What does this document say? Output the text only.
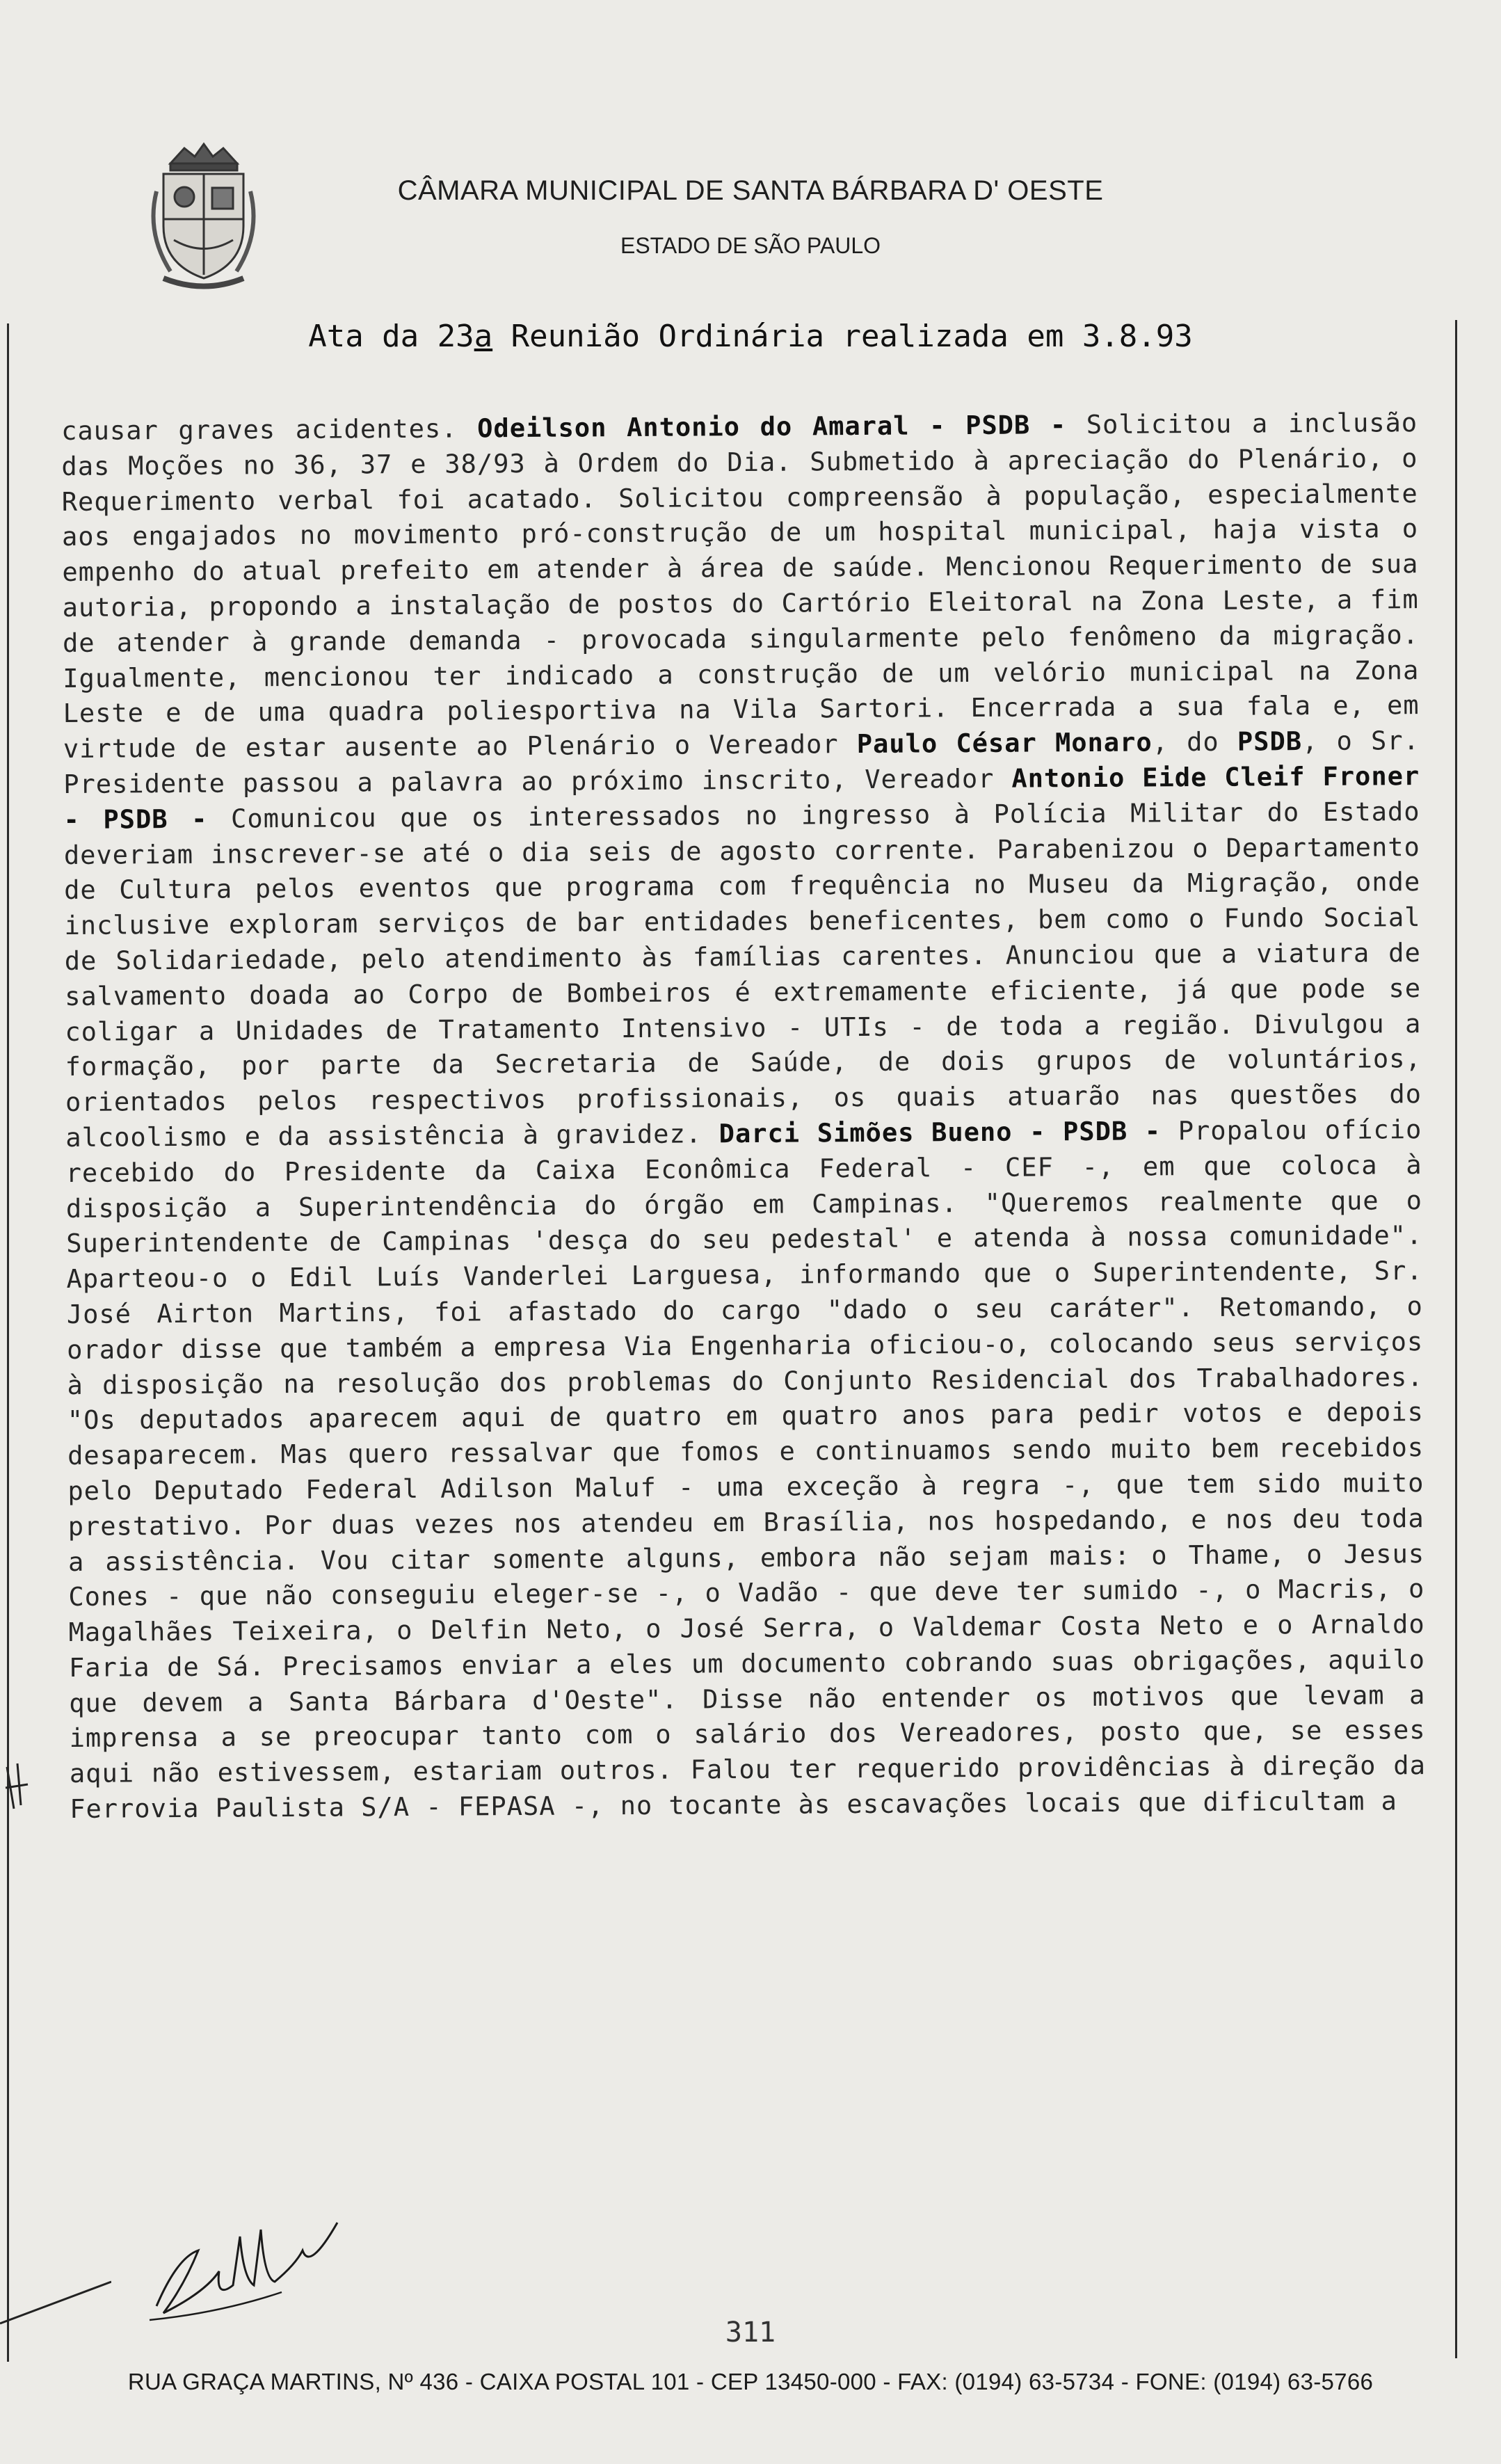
CÂMARA MUNICIPAL DE SANTA BÁRBARA D' OESTE
ESTADO DE SÃO PAULO
Ata da 23a Reunião Ordinária realizada em 3.8.93
causar graves acidentes. Odeilson Antonio do Amaral - PSDB - Solicitou a inclusão das Moções no 36, 37 e 38/93 à Ordem do Dia. Submetido à apreciação do Plenário, o Requerimento verbal foi acatado. Solicitou compreensão à população, especialmente aos engajados no movimento pró-construção de um hospital municipal, haja vista o empenho do atual prefeito em atender à área de saúde. Mencionou Requerimento de sua autoria, propondo a instalação de postos do Cartório Eleitoral na Zona Leste, a fim de atender à grande demanda - provocada singularmente pelo fenômeno da migração. Igualmente, mencionou ter indicado a construção de um velório municipal na Zona Leste e de uma quadra poliesportiva na Vila Sartori. Encerrada a sua fala e, em virtude de estar ausente ao Plenário o Vereador Paulo César Monaro, do PSDB, o Sr. Presidente passou a palavra ao próximo inscrito, Vereador Antonio Eide Cleif Froner - PSDB - Comunicou que os interessados no ingresso à Polícia Militar do Estado deveriam inscrever-se até o dia seis de agosto corrente. Parabenizou o Departamento de Cultura pelos eventos que programa com frequência no Museu da Migração, onde inclusive exploram serviços de bar entidades beneficentes, bem como o Fundo Social de Solidariedade, pelo atendimento às famílias carentes. Anunciou que a viatura de salvamento doada ao Corpo de Bombeiros é extremamente eficiente, já que pode se coligar a Unidades de Tratamento Intensivo - UTIs - de toda a região. Divulgou a formação, por parte da Secretaria de Saúde, de dois grupos de voluntários, orientados pelos respectivos profissionais, os quais atuarão nas questões do alcoolismo e da assistência à gravidez. Darci Simões Bueno - PSDB - Propalou ofício recebido do Presidente da Caixa Econômica Federal - CEF -, em que coloca à disposição a Superintendência do órgão em Campinas. "Queremos realmente que o Superintendente de Campinas 'desça do seu pedestal' e atenda à nossa comunidade". Aparteou-o o Edil Luís Vanderlei Larguesa, informando que o Superintendente, Sr. José Airton Martins, foi afastado do cargo "dado o seu caráter". Retomando, o orador disse que também a empresa Via Engenharia oficiou-o, colocando seus serviços à disposição na resolução dos problemas do Conjunto Residencial dos Trabalhadores. "Os deputados aparecem aqui de quatro em quatro anos para pedir votos e depois desaparecem. Mas quero ressalvar que fomos e continuamos sendo muito bem recebidos pelo Deputado Federal Adilson Maluf - uma exceção à regra -, que tem sido muito prestativo. Por duas vezes nos atendeu em Brasília, nos hospedando, e nos deu toda a assistência. Vou citar somente alguns, embora não sejam mais: o Thame, o Jesus Cones - que não conseguiu eleger-se -, o Vadão - que deve ter sumido -, o Macris, o Magalhães Teixeira, o Delfin Neto, o José Serra, o Valdemar Costa Neto e o Arnaldo Faria de Sá. Precisamos enviar a eles um documento cobrando suas obrigações, aquilo que devem a Santa Bárbara d'Oeste". Disse não entender os motivos que levam a imprensa a se preocupar tanto com o salário dos Vereadores, posto que, se esses aqui não estivessem, estariam outros. Falou ter requerido providências à direção da Ferrovia Paulista S/A - FEPASA -, no tocante às escavações locais que dificultam a
311
RUA GRAÇA MARTINS, Nº 436 - CAIXA POSTAL 101 - CEP 13450-000 - FAX: (0194) 63-5734 - FONE: (0194) 63-5766
